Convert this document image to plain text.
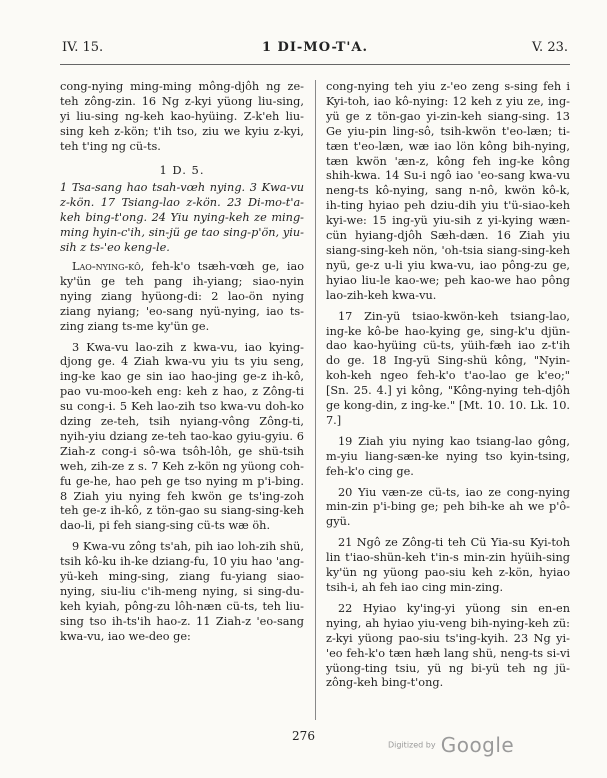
IV. 15.	1 DI-MO-T'A.	V. 23.

cong-nying ming-ming mông-djôh ng ze-teh zông-zin. 16 Ng z-kyi yüong liu-sing, yi liu-sing ng-keh kao-hyüing. Z-k'eh liu-sing keh z-kön; t'ih tso, ziu we kyiu z-kyi, teh t'ing ng cü-ts.

1 D. 5.

1 Tsa-sang hao tsah-vœh nying. 3 Kwa-vu z-kön. 17 Tsiang-lao z-kön. 23 Di-mo-t'a-keh bing-t'ong. 24 Yiu nying-keh ze ming-ming hyin-c'ih, sin-jü ge tao sing-p'ön, yiu-sih z ts-'eo keng-le.

Lao-nying-kô, feh-k'o tsæh-vœh ge, iao ky'ün ge teh pang ih-yiang; siao-nyin nying ziang hyüong-di: 2 lao-ön nying ziang nyiang; 'eo-sang nyü-nying, iao ts-zing ziang ts-me ky'ün ge.

3 Kwa-vu lao-zih z kwa-vu, iao kying-djong ge. 4 Ziah kwa-vu yiu ts yiu seng, ing-ke kao ge sin iao hao-jing ge-z ih-kô, pao vu-moo-keh eng: keh z hao, z Zông-ti su cong-i. 5 Keh lao-zih tso kwa-vu doh-ko dzing ze-teh, tsih nyiang-vông Zông-ti, nyih-yiu dziang ze-teh tao-kao gyiu-gyiu. 6 Ziah-z cong-i sô-wa tsôh-lôh, ge shü-tsih weh, zih-ze z s. 7 Keh z-kön ng yüong coh-fu ge-he, hao peh ge tso nying m p'i-bing. 8 Ziah yiu nying feh kwön ge ts'ing-zoh teh ge-z ih-kô, z tön-gao su siang-sing-keh dao-li, pi feh siang-sing cü-ts wæ öh.

9 Kwa-vu zông ts'ah, pih iao loh-zih shü, tsih kô-ku ih-ke dziang-fu, 10 yiu hao 'ang-yü-keh ming-sing, ziang fu-yiang siao-nying, siu-liu c'ih-meng nying, si sing-du-keh kyiah, pông-zu lôh-næn cü-ts, teh liu-sing tso ih-ts'ih hao-z. 11 Ziah-z 'eo-sang kwa-vu, iao we-deo ge:

cong-nying teh yiu z-'eo zeng s-sing feh i Kyi-toh, iao kô-nying: 12 keh z yiu ze, ing-yü ge z tön-gao yi-zin-keh siang-sing. 13 Ge yiu-pin ling-sô, tsih-kwön t'eo-læn; ti-tæn t'eo-læn, wæ iao lön kông bih-nying, tæn kwön 'æn-z, kông feh ing-ke kông shih-kwa. 14 Su-i ngô iao 'eo-sang kwa-vu neng-ts kô-nying, sang n-nô, kwön kô-k, ih-ting hyiao peh dziu-dih yiu t'ü-siao-keh kyi-we: 15 ing-yü yiu-sih z yi-kying wæn-cün hyiang-djôh Sæh-dæn. 16 Ziah yiu siang-sing-keh nön, 'oh-tsia siang-sing-keh nyü, ge-z u-li yiu kwa-vu, iao pông-zu ge, hyiao liu-le kao-we; peh kao-we hao pông lao-zih-keh kwa-vu.

17 Zin-yü tsiao-kwön-keh tsiang-lao, ing-ke kô-be hao-kying ge, sing-k'u djün-dao kao-hyüing cü-ts, yüih-fæh iao z-t'ih do ge. 18 Ing-yü Sing-shü kông, "Nyin-koh-keh ngeo feh-k'o t'ao-lao ge k'eo;" [Sn. 25. 4.] yi kông, "Kông-nying teh-djôh ge kong-din, z ing-ke." [Mt. 10. 10. Lk. 10. 7.]

19 Ziah yiu nying kao tsiang-lao gông, m-yiu liang-sæn-ke nying tso kyin-tsing, feh-k'o cing ge.

20 Yiu væn-ze cü-ts, iao ze cong-nying min-zin p'i-bing ge; peh bih-ke ah we p'ô-gyü.

21 Ngô ze Zông-ti teh Cü Yia-su Kyi-toh lin t'iao-shün-keh t'in-s min-zin hyüih-sing ky'ün ng yüong pao-siu keh z-kön, hyiao tsih-i, ah feh iao cing min-zing.

22 Hyiao ky'ing-yi yüong sin en-en nying, ah hyiao yiu-veng bih-nying-keh zü: z-kyi yüong pao-siu ts'ing-kyih. 23 Ng yi-'eo feh-k'o tæn hæh lang shü, neng-ts si-vi yüong-ting tsiu, yü ng bi-yü teh ng jü-zông-keh bing-t'ong.

276
Digitized by Google
